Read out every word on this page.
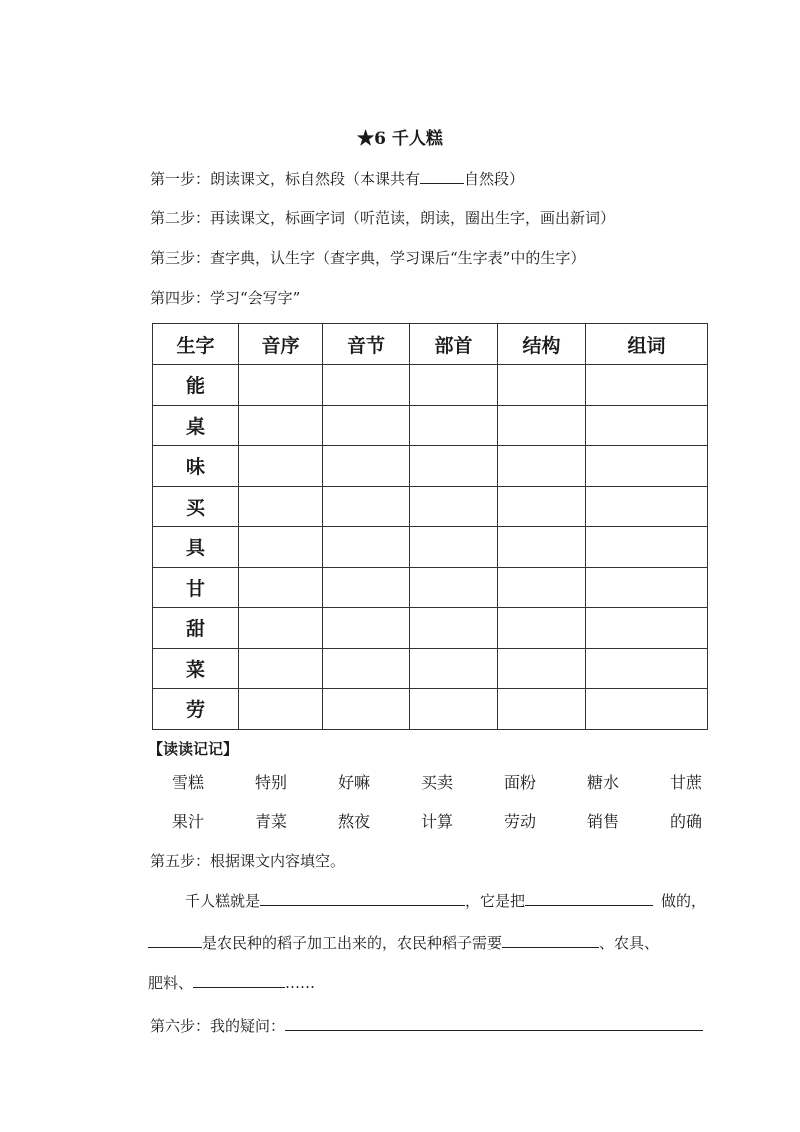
★6 千人糕
第一步：朗读课文，标自然段（本课共有	自然段）
第二步：再读课文，标画字词（听范读，朗读，圈出生字，画出新词）
第三步：查字典，认生字（查字典，学习课后“生字表”中的生字）
第四步：学习“会写字”
生字	音序	音节	部首	结构	组词
能					
桌					
味					
买					
具					
甘					
甜					
菜					
劳					
【读读记记】
雪糕	特别	好嘛	买卖	面粉	糖水	甘蔗
果汁	青菜	熬夜	计算	劳动	销售	的确
第五步：根据课文内容填空。
千人糕就是	，它是把	做的，
是农民种的稻子加工出来的，农民种稻子需要	、农具、
肥料、	……
第六步：我的疑问：
